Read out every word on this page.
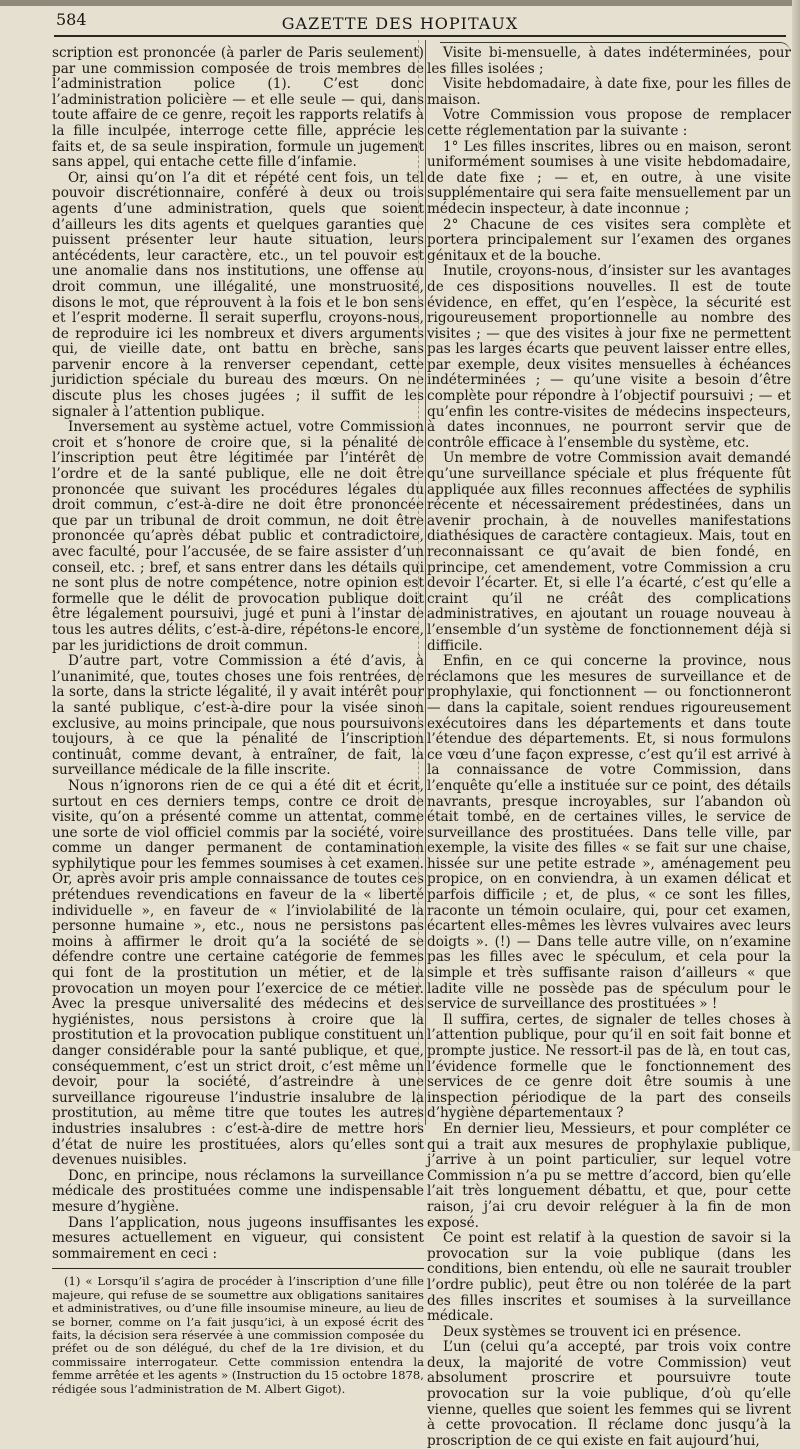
584	GAZETTE DES HOPITAUX

scription est prononcée (à parler de Paris seulement) par une commission composée de trois membres de l’administration police (1). C’est donc l’administration policière — et elle seule — qui, dans toute affaire de ce genre, reçoit les rapports relatifs à la fille inculpée, interroge cette fille, apprécie les faits et, de sa seule inspiration, formule un jugement sans appel, qui entache cette fille d’infamie.

Or, ainsi qu’on l’a dit et répété cent fois, un tel pouvoir discrétionnaire, conféré à deux ou trois agents d’une administration, quels que soient d’ailleurs les dits agents et quelques garanties que puissent présenter leur haute situation, leurs antécédents, leur caractère, etc., un tel pouvoir est une anomalie dans nos institutions, une offense au droit commun, une illégalité, une monstruosité, disons le mot, que réprouvent à la fois et le bon sens et l’esprit moderne. Il serait superflu, croyons-nous, de reproduire ici les nombreux et divers arguments qui, de vieille date, ont battu en brèche, sans parvenir encore à la renverser cependant, cette juridiction spéciale du bureau des mœurs. On ne discute plus les choses jugées ; il suffit de les signaler à l’attention publique.

Inversement au système actuel, votre Commission croit et s’honore de croire que, si la pénalité de l’inscription peut être légitimée par l’intérêt de l’ordre et de la santé publique, elle ne doit être prononcée que suivant les procédures légales du droit commun, c’est-à-dire ne doit être prononcée que par un tribunal de droit commun, ne doit être prononcée qu’après débat public et contradictoire, avec faculté, pour l’accusée, de se faire assister d’un conseil, etc. ; bref, et sans entrer dans les détails qui ne sont plus de notre compétence, notre opinion est formelle que le délit de provocation publique doit être légalement poursuivi, jugé et puni à l’instar de tous les autres délits, c’est-à-dire, répétons-le encore, par les juridictions de droit commun.

D’autre part, votre Commission a été d’avis, à l’unanimité, que, toutes choses une fois rentrées, de la sorte, dans la stricte légalité, il y avait intérêt pour la santé publique, c’est-à-dire pour la visée sinon exclusive, au moins principale, que nous poursuivons toujours, à ce que la pénalité de l’inscription continuât, comme devant, à entraîner, de fait, la surveillance médicale de la fille inscrite.

Nous n’ignorons rien de ce qui a été dit et écrit, surtout en ces derniers temps, contre ce droit de visite, qu’on a présenté comme un attentat, comme une sorte de viol officiel commis par la société, voire comme un danger permanent de contamination syphilytique pour les femmes soumises à cet examen. Or, après avoir pris ample connaissance de toutes ces prétendues revendications en faveur de la « liberté individuelle », en faveur de « l’inviolabilité de la personne humaine », etc., nous ne persistons pas moins à affirmer le droit qu’a la société de se défendre contre une certaine catégorie de femmes qui font de la prostitution un métier, et de la provocation un moyen pour l’exercice de ce métier. Avec la presque universalité des médecins et des hygiénistes, nous persistons à croire que la prostitution et la provocation publique constituent un danger considérable pour la santé publique, et que, conséquemment, c’est un strict droit, c’est même un devoir, pour la société, d’astreindre à une surveillance rigoureuse l’industrie insalubre de la prostitution, au même titre que toutes les autres industries insalubres : c’est-à-dire de mettre hors d’état de nuire les prostituées, alors qu’elles sont devenues nuisibles.

Donc, en principe, nous réclamons la surveillance médicale des prostituées comme une indispensable mesure d’hygiène.

Dans l’application, nous jugeons insuffisantes les mesures actuellement en vigueur, qui consistent sommairement en ceci :

(1) « Lorsqu’il s’agira de procéder à l’inscription d’une fille majeure, qui refuse de se soumettre aux obligations sanitaires et administratives, ou d’une fille insoumise mineure, au lieu de se borner, comme on l’a fait jusqu’ici, à un exposé écrit des faits, la décision sera réservée à une commission composée du préfet ou de son délégué, du chef de la 1re division, et du commissaire interrogateur. Cette commission entendra la femme arrêtée et les agents » (Instruction du 15 octobre 1878, rédigée sous l’administration de M. Albert Gigot).

Visite bi-mensuelle, à dates indéterminées, pour les filles isolées ;

Visite hebdomadaire, à date fixe, pour les filles de maison.

Votre Commission vous propose de remplacer cette réglementation par la suivante :

1° Les filles inscrites, libres ou en maison, seront uniformément soumises à une visite hebdomadaire, de date fixe ; — et, en outre, à une visite supplémentaire qui sera faite mensuellement par un médecin inspecteur, à date inconnue ;

2° Chacune de ces visites sera complète et portera principalement sur l’examen des organes génitaux et de la bouche.

Inutile, croyons-nous, d’insister sur les avantages de ces dispositions nouvelles. Il est de toute évidence, en effet, qu’en l’espèce, la sécurité est rigoureusement proportionnelle au nombre des visites ; — que des visites à jour fixe ne permettent pas les larges écarts que peuvent laisser entre elles, par exemple, deux visites mensuelles à échéances indéterminées ; — qu’une visite a besoin d’être complète pour répondre à l’objectif poursuivi ; — et qu’enfin les contre-visites de médecins inspecteurs, à dates inconnues, ne pourront servir que de contrôle efficace à l’ensemble du système, etc.

Un membre de votre Commission avait demandé qu’une surveillance spéciale et plus fréquente fût appliquée aux filles reconnues affectées de syphilis récente et nécessairement prédestinées, dans un avenir prochain, à de nouvelles manifestations diathésiques de caractère contagieux. Mais, tout en reconnaissant ce qu’avait de bien fondé, en principe, cet amendement, votre Commission a cru devoir l’écarter. Et, si elle l’a écarté, c’est qu’elle a craint qu’il ne créât des complications administratives, en ajoutant un rouage nouveau à l’ensemble d’un système de fonctionnement déjà si difficile.

Enfin, en ce qui concerne la province, nous réclamons que les mesures de surveillance et de prophylaxie, qui fonctionnent — ou fonctionneront — dans la capitale, soient rendues rigoureusement exécutoires dans les départements et dans toute l’étendue des départements. Et, si nous formulons ce vœu d’une façon expresse, c’est qu’il est arrivé à la connaissance de votre Commission, dans l’enquête qu’elle a instituée sur ce point, des détails navrants, presque incroyables, sur l’abandon où était tombé, en de certaines villes, le service de surveillance des prostituées. Dans telle ville, par exemple, la visite des filles « se fait sur une chaise, hissée sur une petite estrade », aménagement peu propice, on en conviendra, à un examen délicat et parfois difficile ; et, de plus, « ce sont les filles, raconte un témoin oculaire, qui, pour cet examen, écartent elles-mêmes les lèvres vulvaires avec leurs doigts ». (!) — Dans telle autre ville, on n’examine pas les filles avec le spéculum, et cela pour la simple et très suffisante raison d’ailleurs « que ladite ville ne possède pas de spéculum pour le service de surveillance des prostituées » !

Il suffira, certes, de signaler de telles choses à l’attention publique, pour qu’il en soit fait bonne et prompte justice. Ne ressort-il pas de là, en tout cas, l’évidence formelle que le fonctionnement des services de ce genre doit être soumis à une inspection périodique de la part des conseils d’hygiène départementaux ?

En dernier lieu, Messieurs, et pour compléter ce qui a trait aux mesures de prophylaxie publique, j’arrive à un point particulier, sur lequel votre Commission n’a pu se mettre d’accord, bien qu’elle l’ait très longuement débattu, et que, pour cette raison, j’ai cru devoir reléguer à la fin de mon exposé.

Ce point est relatif à la question de savoir si la provocation sur la voie publique (dans les conditions, bien entendu, où elle ne saurait troubler l’ordre public), peut être ou non tolérée de la part des filles inscrites et soumises à la surveillance médicale.

Deux systèmes se trouvent ici en présence.

L’un (celui qu’a accepté, par trois voix contre deux, la majorité de votre Commission) veut absolument proscrire et poursuivre toute provocation sur la voie publique, d’où qu’elle vienne, quelles que soient les femmes qui se livrent à cette provocation. Il réclame donc jusqu’à la proscription de ce qui existe en fait aujourd’hui,
